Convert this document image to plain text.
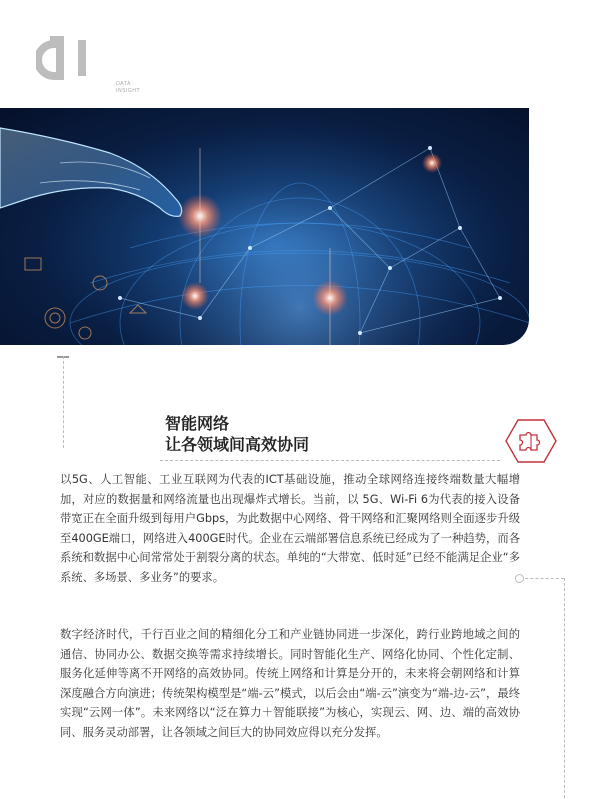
DATA
INSIGHT
智能网络
让各领域间高效协同

以5G、人工智能、工业互联网为代表的ICT基础设施，推动全球网络连接终端数量大幅增加，对应的数据量和网络流量也出现爆炸式增长。当前，以 5G、Wi-Fi 6为代表的接入设备带宽正在全面升级到每用户Gbps，为此数据中心网络、骨干网络和汇聚网络则全面逐步升级至400GE端口，网络进入400GE时代。企业在云端部署信息系统已经成为了一种趋势，而各系统和数据中心间常常处于割裂分离的状态。单纯的“大带宽、低时延”已经不能满足企业“多系统、多场景、多业务”的要求。

数字经济时代，千行百业之间的精细化分工和产业链协同进一步深化，跨行业跨地域之间的通信、协同办公、数据交换等需求持续增长。同时智能化生产、网络化协同、个性化定制、服务化延伸等离不开网络的高效协同。传统上网络和计算是分开的，未来将会朝网络和计算深度融合方向演进；传统架构模型是“端-云”模式，以后会由“端-云”演变为“端-边-云”，最终实现“云网一体”。未来网络以“泛在算力＋智能联接”为核心，实现云、网、边、端的高效协同、服务灵动部署，让各领域之间巨大的协同效应得以充分发挥。
